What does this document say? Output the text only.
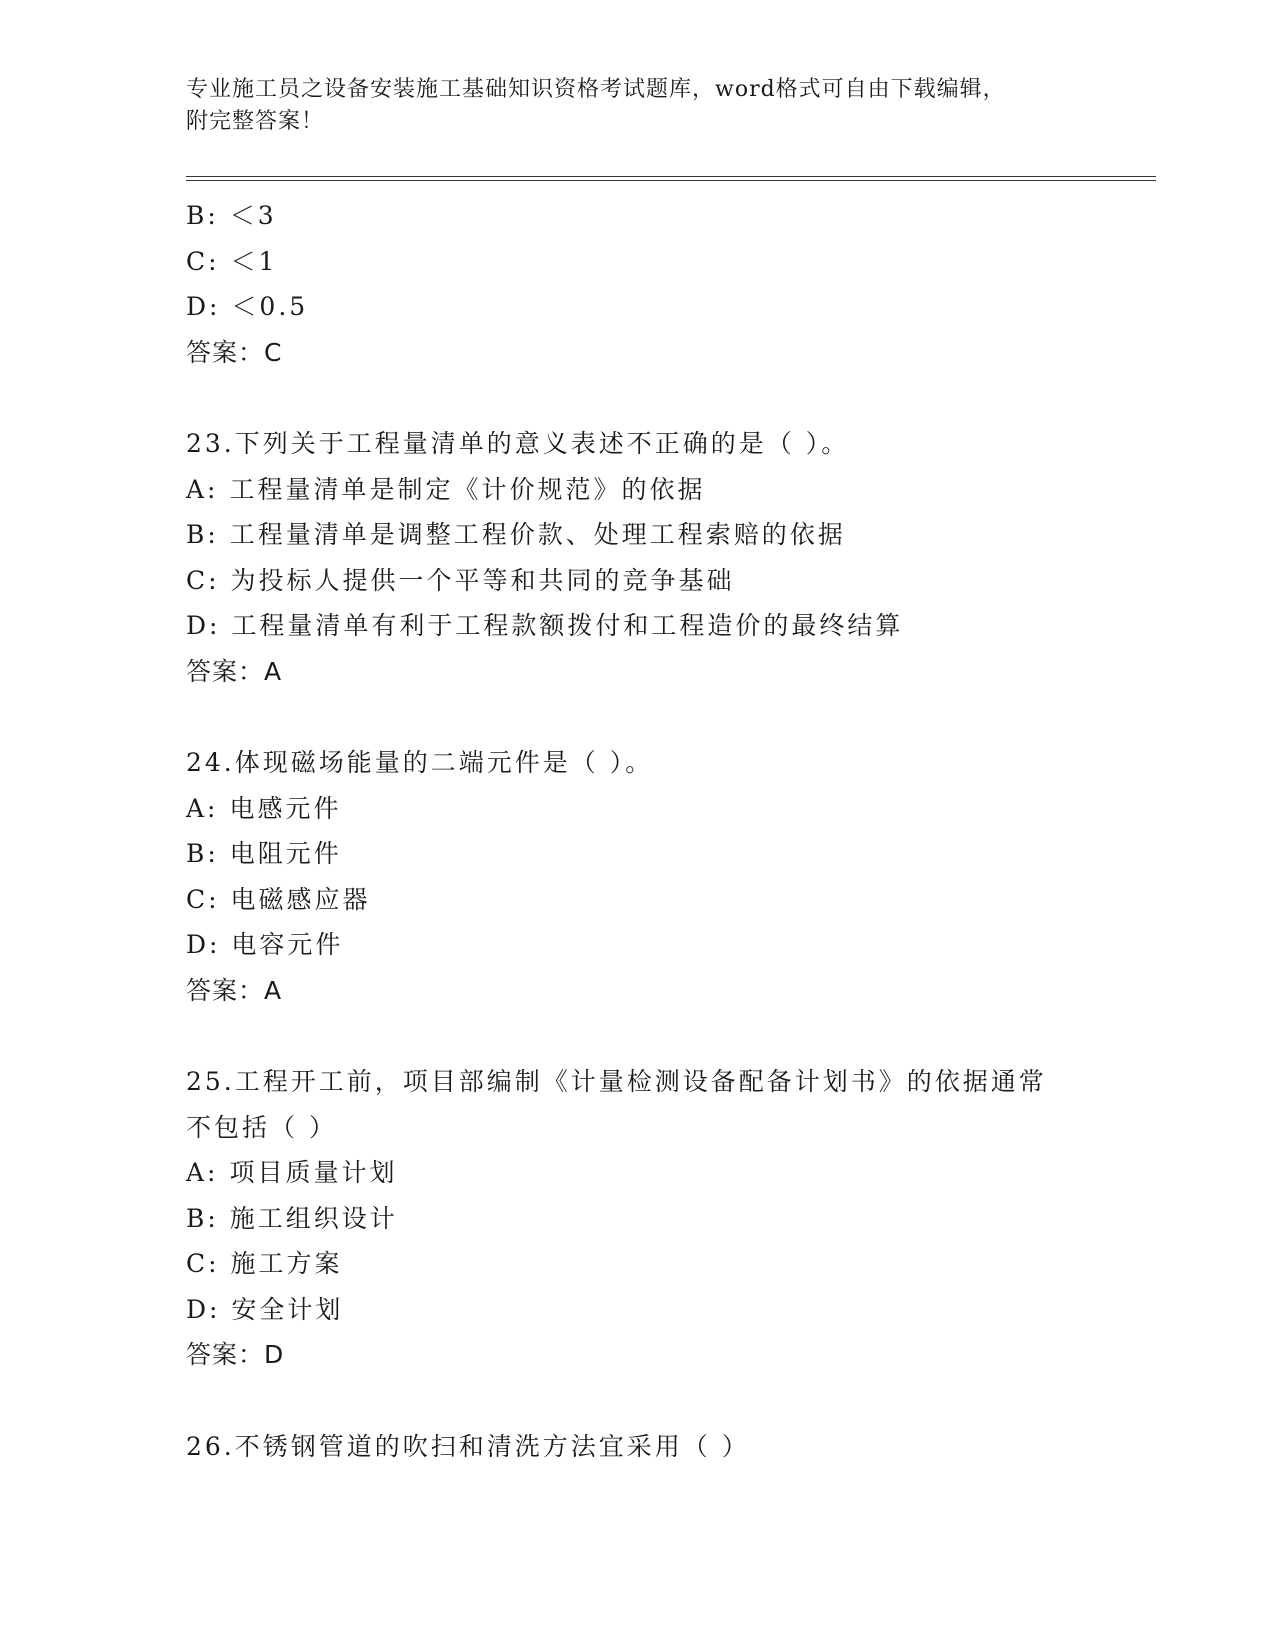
专业施工员之设备安装施工基础知识资格考试题库，word格式可自由下载编辑，
附完整答案！
B: ＜3
C: ＜1
D: ＜0.5
答案：C
23.下列关于工程量清单的意义表述不正确的是（ ）。
A: 工程量清单是制定《计价规范》的依据
B: 工程量清单是调整工程价款、处理工程索赔的依据
C: 为投标人提供一个平等和共同的竞争基础
D: 工程量清单有利于工程款额拨付和工程造价的最终结算
答案：A
24.体现磁场能量的二端元件是（ ）。
A: 电感元件
B: 电阻元件
C: 电磁感应器
D: 电容元件
答案：A
25.工程开工前，项目部编制《计量检测设备配备计划书》的依据通常
不包括（ ）
A: 项目质量计划
B: 施工组织设计
C: 施工方案
D: 安全计划
答案：D
26.不锈钢管道的吹扫和清洗方法宜采用（ ）
